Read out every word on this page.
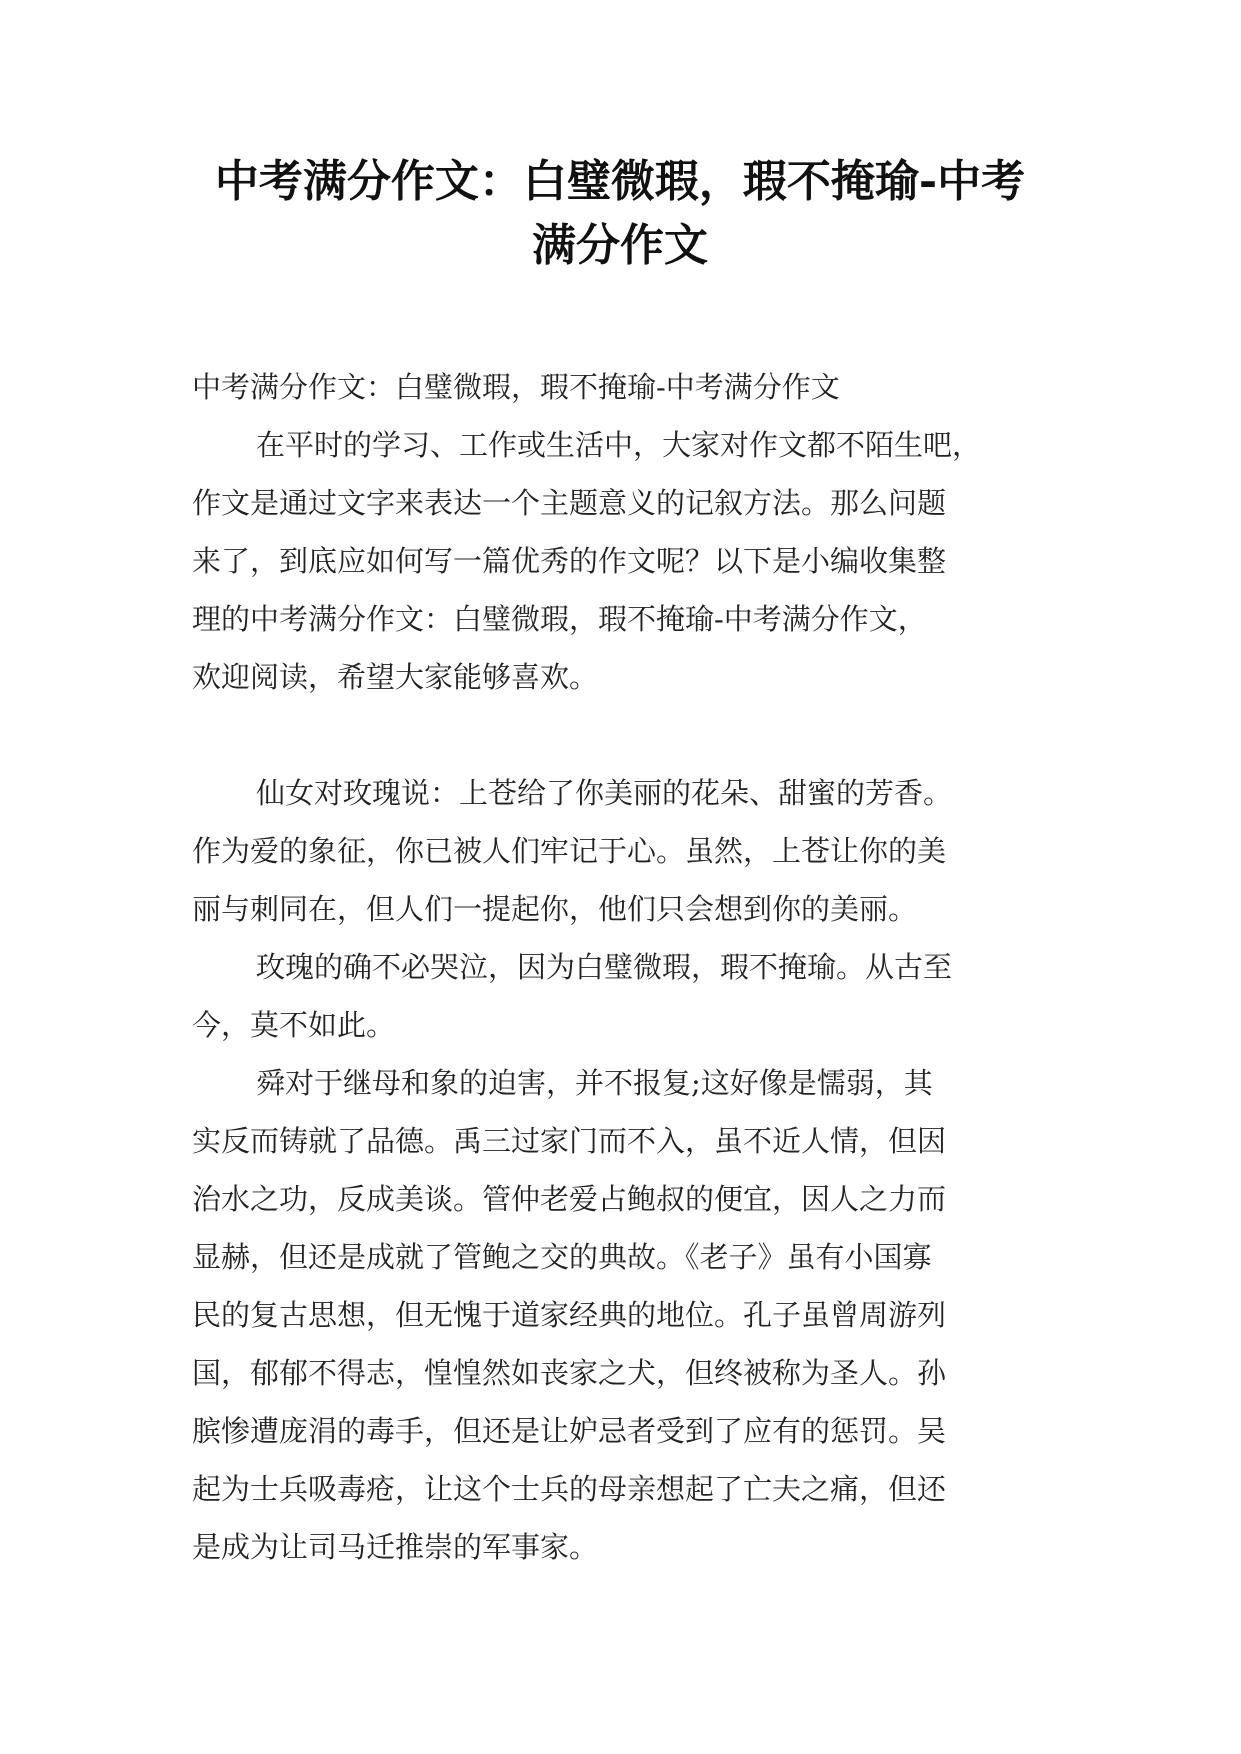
中考满分作文：白璧微瑕，瑕不掩瑜-中考
满分作文

中考满分作文：白璧微瑕，瑕不掩瑜-中考满分作文

在平时的学习、工作或生活中，大家对作文都不陌生吧，
作文是通过文字来表达一个主题意义的记叙方法。那么问题
来了，到底应如何写一篇优秀的作文呢？以下是小编收集整
理的中考满分作文：白璧微瑕，瑕不掩瑜-中考满分作文，
欢迎阅读，希望大家能够喜欢。

仙女对玫瑰说：上苍给了你美丽的花朵、甜蜜的芳香。
作为爱的象征，你已被人们牢记于心。虽然，上苍让你的美
丽与刺同在，但人们一提起你，他们只会想到你的美丽。

玫瑰的确不必哭泣，因为白璧微瑕，瑕不掩瑜。从古至
今，莫不如此。

舜对于继母和象的迫害，并不报复;这好像是懦弱，其
实反而铸就了品德。禹三过家门而不入，虽不近人情，但因
治水之功，反成美谈。管仲老爱占鲍叔的便宜，因人之力而
显赫，但还是成就了管鲍之交的典故。《老子》虽有小国寡
民的复古思想，但无愧于道家经典的地位。孔子虽曾周游列
国，郁郁不得志，惶惶然如丧家之犬，但终被称为圣人。孙
膑惨遭庞涓的毒手，但还是让妒忌者受到了应有的惩罚。吴
起为士兵吸毒疮，让这个士兵的母亲想起了亡夫之痛，但还
是成为让司马迁推崇的军事家。
